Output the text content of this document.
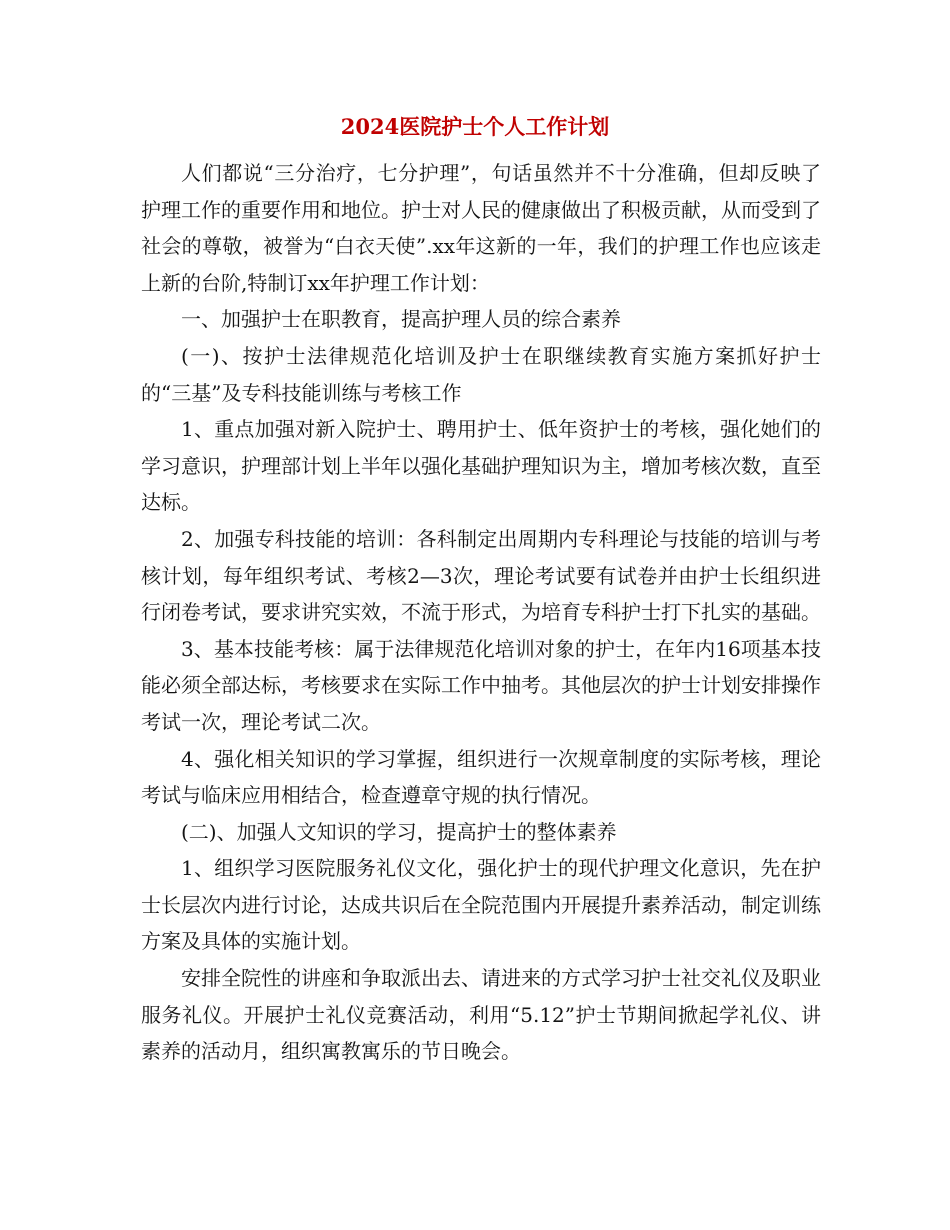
2024医院护士个人工作计划

人们都说“三分治疗，七分护理”，句话虽然并不十分准确，但却反映了护理工作的重要作用和地位。护士对人民的健康做出了积极贡献，从而受到了社会的尊敬，被誉为“白衣天使”.xx年这新的一年，我们的护理工作也应该走上新的台阶,特制订xx年护理工作计划：

一、加强护士在职教育，提高护理人员的综合素养

(一)、按护士法律规范化培训及护士在职继续教育实施方案抓好护士的“三基”及专科技能训练与考核工作

1、重点加强对新入院护士、聘用护士、低年资护士的考核，强化她们的学习意识，护理部计划上半年以强化基础护理知识为主，增加考核次数，直至达标。

2、加强专科技能的培训：各科制定出周期内专科理论与技能的培训与考核计划，每年组织考试、考核2—3次，理论考试要有试卷并由护士长组织进行闭卷考试，要求讲究实效，不流于形式，为培育专科护士打下扎实的基础。

3、基本技能考核：属于法律规范化培训对象的护士，在年内16项基本技能必须全部达标，考核要求在实际工作中抽考。其他层次的护士计划安排操作考试一次，理论考试二次。

4、强化相关知识的学习掌握，组织进行一次规章制度的实际考核，理论考试与临床应用相结合，检查遵章守规的执行情况。

(二)、加强人文知识的学习，提高护士的整体素养

1、组织学习医院服务礼仪文化，强化护士的现代护理文化意识，先在护士长层次内进行讨论，达成共识后在全院范围内开展提升素养活动，制定训练方案及具体的实施计划。

安排全院性的讲座和争取派出去、请进来的方式学习护士社交礼仪及职业服务礼仪。开展护士礼仪竞赛活动，利用“5.12”护士节期间掀起学礼仪、讲素养的活动月，组织寓教寓乐的节日晚会。
